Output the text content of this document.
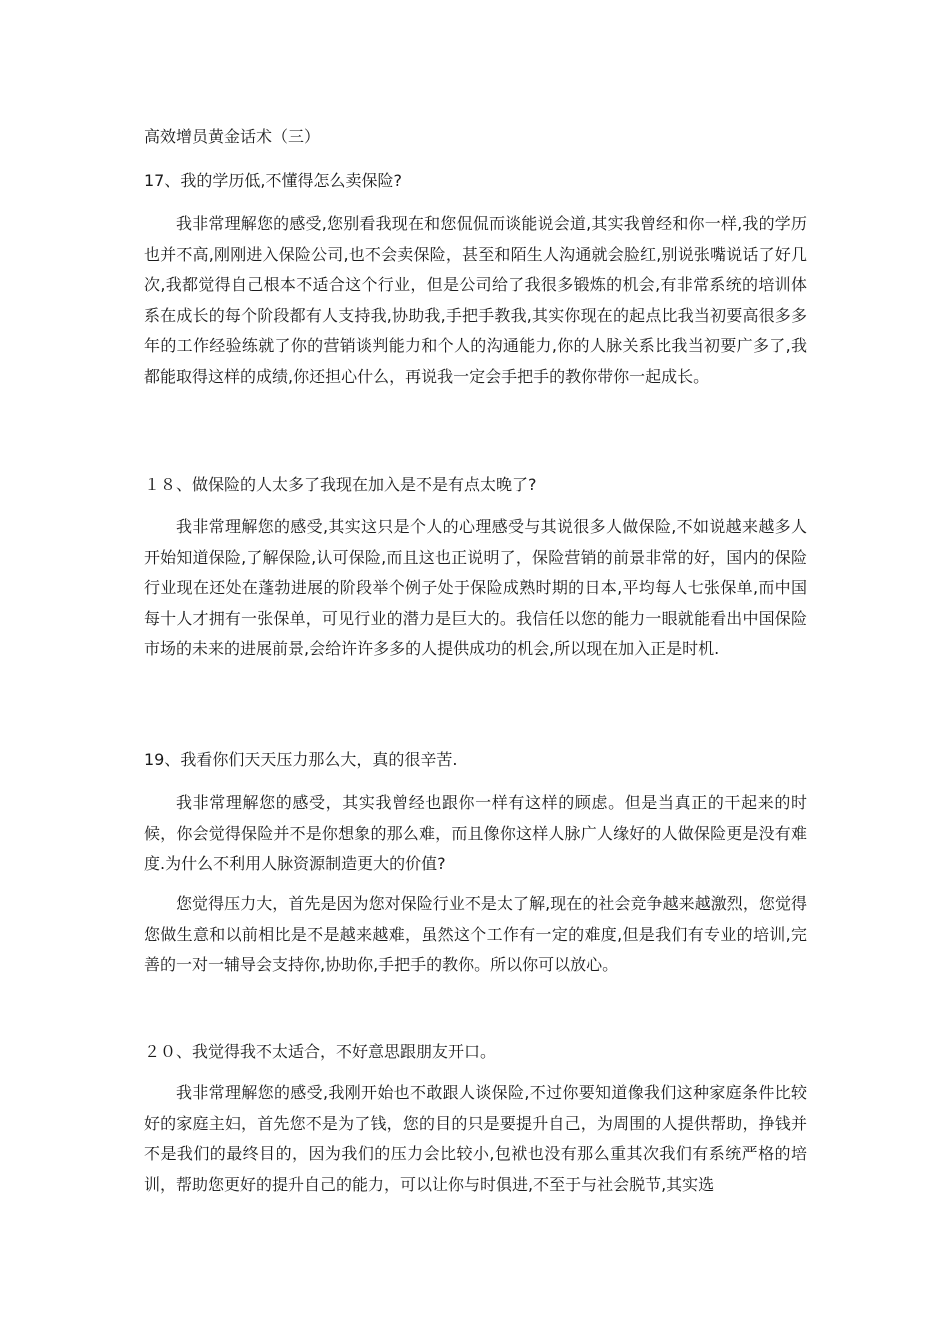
高效增员黄金话术（三）
17、我的学历低,不懂得怎么卖保险?

我非常理解您的感受,您别看我现在和您侃侃而谈能说会道,其实我曾经和你一样,我的学历也并不高,刚刚进入保险公司,也不会卖保险，甚至和陌生人沟通就会脸红,别说张嘴说话了好几次,我都觉得自己根本不适合这个行业，但是公司给了我很多锻炼的机会,有非常系统的培训体系在成长的每个阶段都有人支持我,协助我,手把手教我,其实你现在的起点比我当初要高很多多年的工作经验练就了你的营销谈判能力和个人的沟通能力,你的人脉关系比我当初要广多了,我都能取得这样的成绩,你还担心什么，再说我一定会手把手的教你带你一起成长。

１８、做保险的人太多了我现在加入是不是有点太晚了?

我非常理解您的感受,其实这只是个人的心理感受与其说很多人做保险,不如说越来越多人开始知道保险,了解保险,认可保险,而且这也正说明了，保险营销的前景非常的好，国内的保险行业现在还处在蓬勃进展的阶段举个例子处于保险成熟时期的日本,平均每人七张保单,而中国每十人才拥有一张保单，可见行业的潜力是巨大的。我信任以您的能力一眼就能看出中国保险市场的未来的进展前景,会给许许多多的人提供成功的机会,所以现在加入正是时机.

19、我看你们天天压力那么大，真的很辛苦.

我非常理解您的感受，其实我曾经也跟你一样有这样的顾虑。但是当真正的干起来的时候，你会觉得保险并不是你想象的那么难，而且像你这样人脉广人缘好的人做保险更是没有难度.为什么不利用人脉资源制造更大的价值?

您觉得压力大，首先是因为您对保险行业不是太了解,现在的社会竞争越来越激烈，您觉得您做生意和以前相比是不是越来越难，虽然这个工作有一定的难度,但是我们有专业的培训,完善的一对一辅导会支持你,协助你,手把手的教你。所以你可以放心。

２０、我觉得我不太适合，不好意思跟朋友开口。

我非常理解您的感受,我刚开始也不敢跟人谈保险,不过你要知道像我们这种家庭条件比较好的家庭主妇，首先您不是为了钱，您的目的只是要提升自己，为周围的人提供帮助，挣钱并不是我们的最终目的，因为我们的压力会比较小,包袱也没有那么重其次我们有系统严格的培训，帮助您更好的提升自己的能力，可以让你与时俱进,不至于与社会脱节,其实选
